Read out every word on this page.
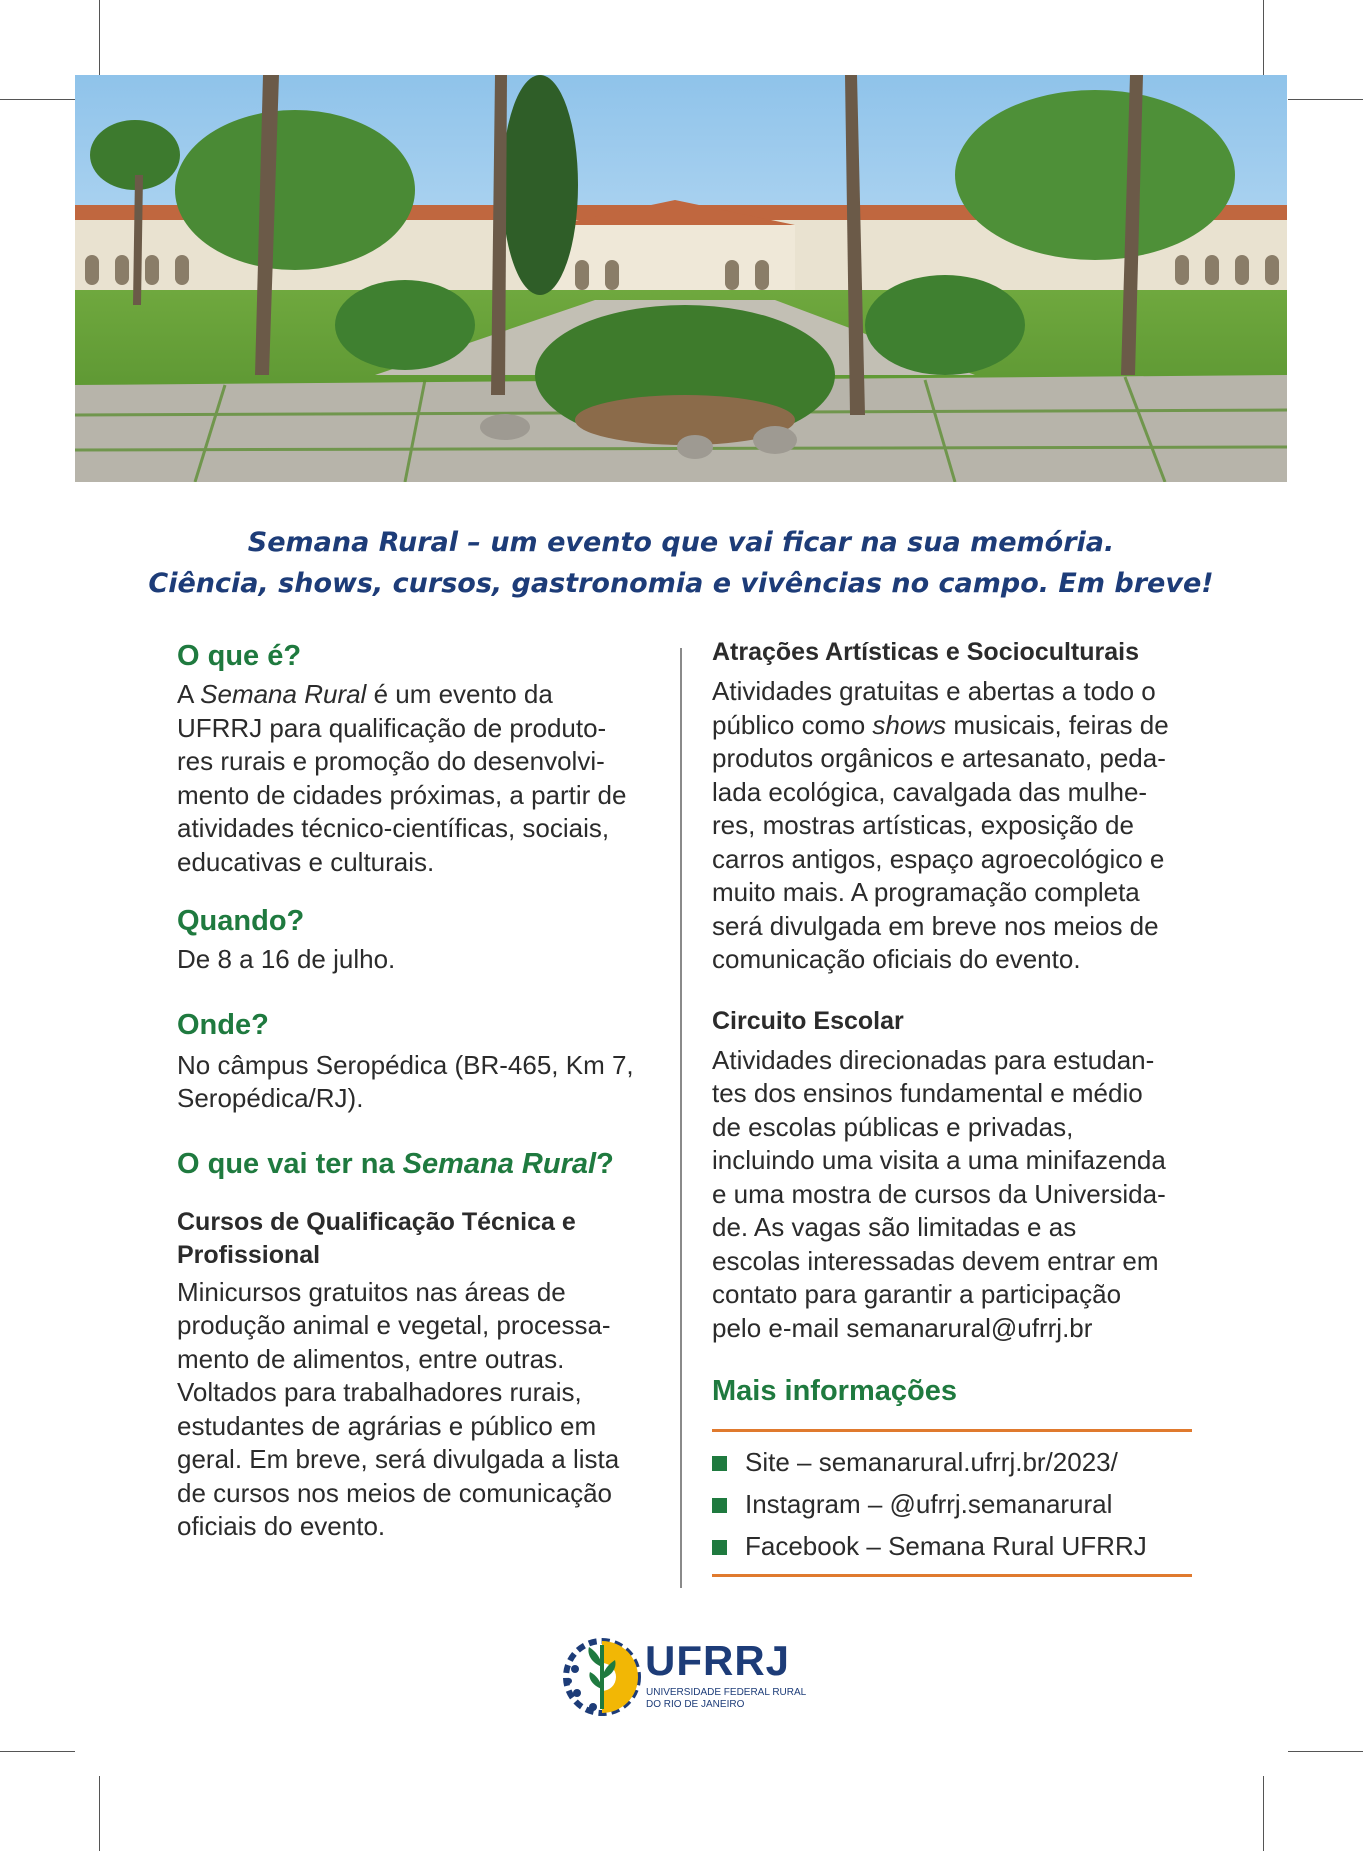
Semana Rural – um evento que vai ficar na sua memória.
Ciência, shows, cursos, gastronomia e vivências no campo. Em breve!
O que é?
A Semana Rural é um evento da
UFRRJ para qualificação de produto-
res rurais e promoção do desenvolvi-
mento de cidades próximas, a partir de
atividades técnico-científicas, sociais,
educativas e culturais.
Quando?
De 8 a 16 de julho.
Onde?
No câmpus Seropédica (BR-465, Km 7,
Seropédica/RJ).
O que vai ter na Semana Rural?
Cursos de Qualificação Técnica e
Profissional
Minicursos gratuitos nas áreas de
produção animal e vegetal, processa-
mento de alimentos, entre outras.
Voltados para trabalhadores rurais,
estudantes de agrárias e público em
geral. Em breve, será divulgada a lista
de cursos nos meios de comunicação
oficiais do evento.
Atrações Artísticas e Socioculturais
Atividades gratuitas e abertas a todo o
público como shows musicais, feiras de
produtos orgânicos e artesanato, peda-
lada ecológica, cavalgada das mulhe-
res, mostras artísticas, exposição de
carros antigos, espaço agroecológico e
muito mais. A programação completa
será divulgada em breve nos meios de
comunicação oficiais do evento.
Circuito Escolar
Atividades direcionadas para estudan-
tes dos ensinos fundamental e médio
de escolas públicas e privadas,
incluindo uma visita a uma minifazenda
e uma mostra de cursos da Universida-
de. As vagas são limitadas e as
escolas interessadas devem entrar em
contato para garantir a participação
pelo e-mail semanarural@ufrrj.br
Mais informações
Site – semanarural.ufrrj.br/2023/
Instagram – @ufrrj.semanarural
Facebook – Semana Rural UFRRJ
UFRRJ
UNIVERSIDADE FEDERAL RURAL
DO RIO DE JANEIRO
